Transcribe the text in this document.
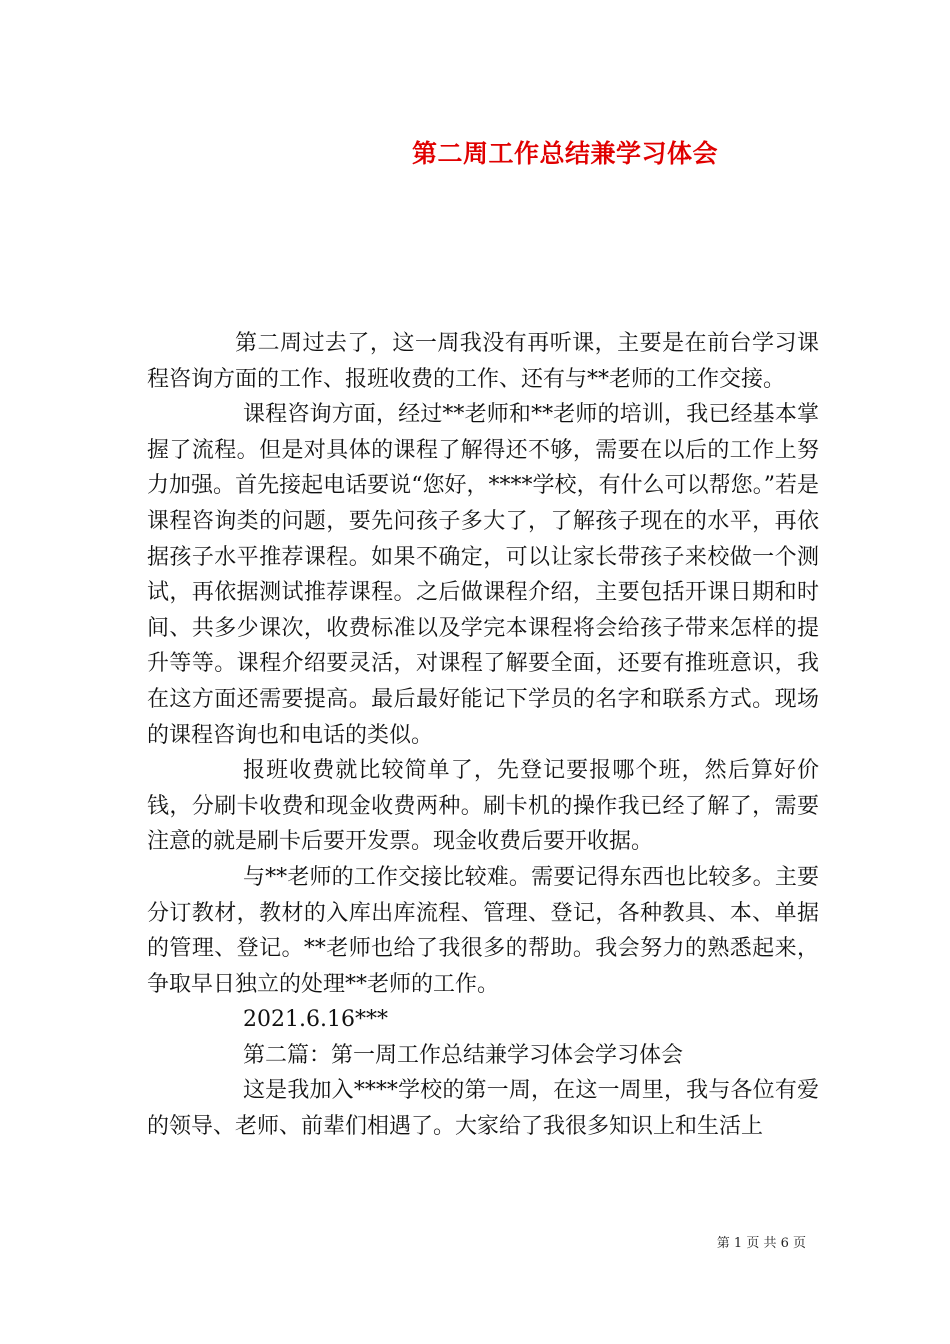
第二周工作总结兼学习体会

第二周过去了，这一周我没有再听课，主要是在前台学习课程咨询方面的工作、报班收费的工作、还有与**老师的工作交接。

课程咨询方面，经过**老师和**老师的培训，我已经基本掌握了流程。但是对具体的课程了解得还不够，需要在以后的工作上努力加强。首先接起电话要说“您好，****学校，有什么可以帮您。”若是课程咨询类的问题，要先问孩子多大了，了解孩子现在的水平，再依据孩子水平推荐课程。如果不确定，可以让家长带孩子来校做一个测试，再依据测试推荐课程。之后做课程介绍，主要包括开课日期和时间、共多少课次，收费标准以及学完本课程将会给孩子带来怎样的提升等等。课程介绍要灵活，对课程了解要全面，还要有推班意识，我在这方面还需要提高。最后最好能记下学员的名字和联系方式。现场的课程咨询也和电话的类似。

报班收费就比较简单了，先登记要报哪个班，然后算好价钱，分刷卡收费和现金收费两种。刷卡机的操作我已经了解了，需要注意的就是刷卡后要开发票。现金收费后要开收据。

与**老师的工作交接比较难。需要记得东西也比较多。主要分订教材，教材的入库出库流程、管理、登记，各种教具、本、单据的管理、登记。**老师也给了我很多的帮助。我会努力的熟悉起来，争取早日独立的处理**老师的工作。

2021.6.16***

第二篇：第一周工作总结兼学习体会学习体会

这是我加入****学校的第一周，在这一周里，我与各位有爱的领导、老师、前辈们相遇了。大家给了我很多知识上和生活上

第 1 页 共 6 页
